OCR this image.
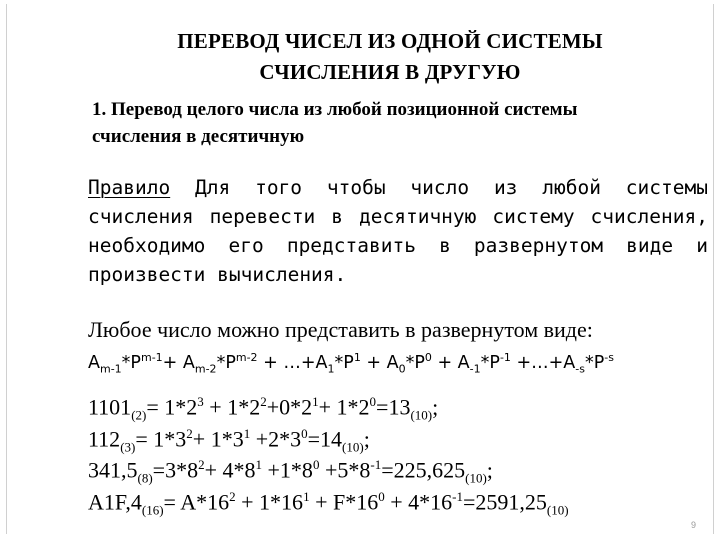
ПЕРЕВОД ЧИСЕЛ ИЗ ОДНОЙ СИСТЕМЫ
СЧИСЛЕНИЯ В ДРУГУЮ
1. Перевод целого числа из любой позиционной системы
счисления в десятичную
Правило Для того чтобы число из любой системы
счисления перевести в десятичную систему счисления,
необходимо его представить в развернутом виде и
произвести вычисления.
Любое число можно представить в развернутом виде:
$A_{m-1}*P^{m-1}+ A_{m-2}*P^{m-2}$ + $\dots+A_1*P^1 + A_0*P^0 + A_{-1}*P^{-1}$ $+\dots+A_{-s}*P^{-s}$
$1101_{(2)}= 1*2^3 + 1*2^2+0*2^1+ 1*2^0=13_{(10)}$;
$112_{(3)}= 1*3^2+ 1*3^1 +2*3^0=14_{(10)}$;
$341,5_{(8)}=3*8^2+ 4*8^1 +1*8^0 +5*8^{-1}=225,625_{(10)}$;
$A1F,4_{(16)}= A*16^2 + 1*16^1 + F*16^0 + 4*16^{-1}=2591,25_{(10)}$
9
